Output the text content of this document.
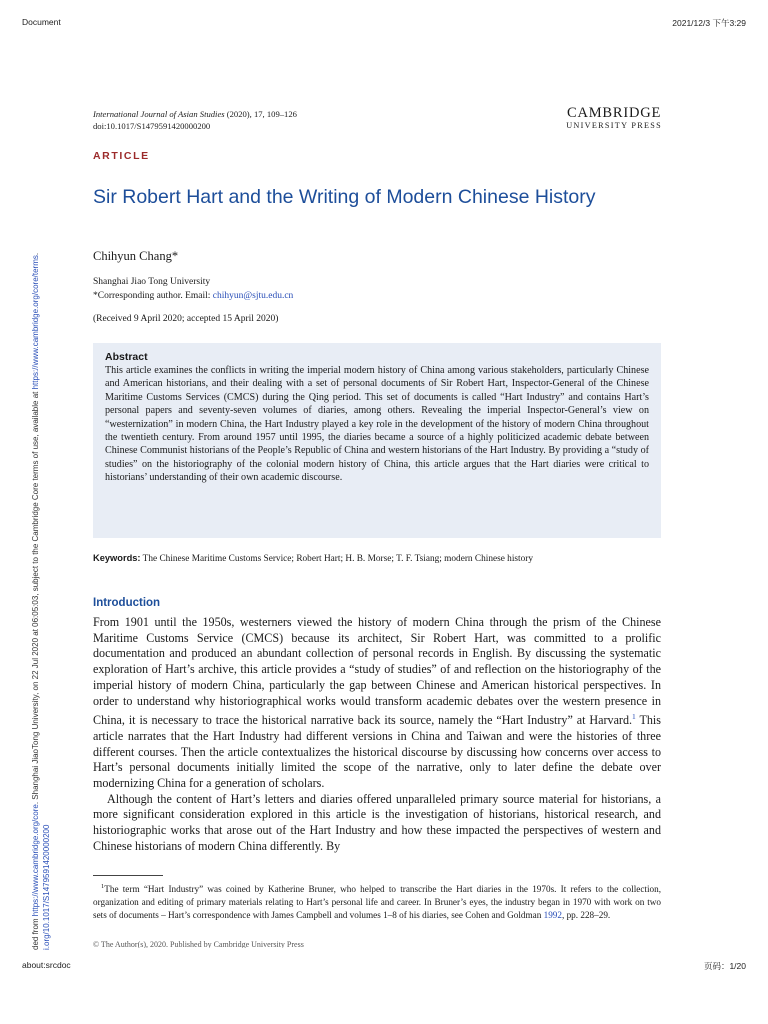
Document	2021/12/3 下午3:29
ded from https://www.cambridge.org/core. Shanghai JiaoTong University, on 22 Jul 2020 at 06:05:03, subject to the Cambridge Core terms of use, available at https://www.cambridge.org/core/terms.
i.org/10.1017/S1479591420000200
International Journal of Asian Studies (2020), 17, 109–126
doi:10.1017/S1479591420000200
CAMBRIDGE
UNIVERSITY PRESS
ARTICLE
Sir Robert Hart and the Writing of Modern Chinese History
Chihyun Chang*
Shanghai Jiao Tong University
*Corresponding author. Email: chihyun@sjtu.edu.cn
(Received 9 April 2020; accepted 15 April 2020)
Abstract
This article examines the conflicts in writing the imperial modern history of China among various stakeholders, particularly Chinese and American historians, and their dealing with a set of personal documents of Sir Robert Hart, Inspector-General of the Chinese Maritime Customs Services (CMCS) during the Qing period. This set of documents is called “Hart Industry” and contains Hart’s personal papers and seventy-seven volumes of diaries, among others. Revealing the imperial Inspector-General’s view on “westernization” in modern China, the Hart Industry played a key role in the development of the history of modern China throughout the twentieth century. From around 1957 until 1995, the diaries became a source of a highly politicized academic debate between Chinese Communist historians of the People’s Republic of China and western historians of the Hart Industry. By providing a “study of studies” on the historiography of the colonial modern history of China, this article argues that the Hart diaries were critical to historians’ understanding of their own academic discourse.
Keywords: The Chinese Maritime Customs Service; Robert Hart; H. B. Morse; T. F. Tsiang; modern Chinese history
Introduction

From 1901 until the 1950s, westerners viewed the history of modern China through the prism of the Chinese Maritime Customs Service (CMCS) because its architect, Sir Robert Hart, was committed to a prolific documentation and produced an abundant collection of personal records in English. By discussing the systematic exploration of Hart’s archive, this article provides a “study of studies” of and reflection on the historiography of the imperial history of modern China, particularly the gap between Chinese and American historical perspectives. In order to understand why historiographical works would transform academic debates over the western presence in China, it is necessary to trace the historical narrative back its source, namely the “Hart Industry” at Harvard.$^1$ This article narrates that the Hart Industry had different versions in China and Taiwan and were the histories of three different courses. Then the article contextualizes the historical discourse by discussing how concerns over access to Hart’s personal documents initially limited the scope of the narrative, only to later define the debate over modernizing China for a generation of scholars.

Although the content of Hart’s letters and diaries offered unparalleled primary source material for historians, a more significant consideration explored in this article is the investigation of historians, historical research, and historiographic works that arose out of the Hart Industry and how these impacted the perspectives of western and Chinese historians of modern China differently. By

$^1$The term “Hart Industry” was coined by Katherine Bruner, who helped to transcribe the Hart diaries in the 1970s. It refers to the collection, organization and editing of primary materials relating to Hart’s personal life and career. In Bruner’s eyes, the industry began in 1970 with work on two sets of documents – Hart’s correspondence with James Campbell and volumes 1–8 of his diaries, see Cohen and Goldman 1992, pp. 228–29.
© The Author(s), 2020. Published by Cambridge University Press
about:srcdoc	页码：1/20
